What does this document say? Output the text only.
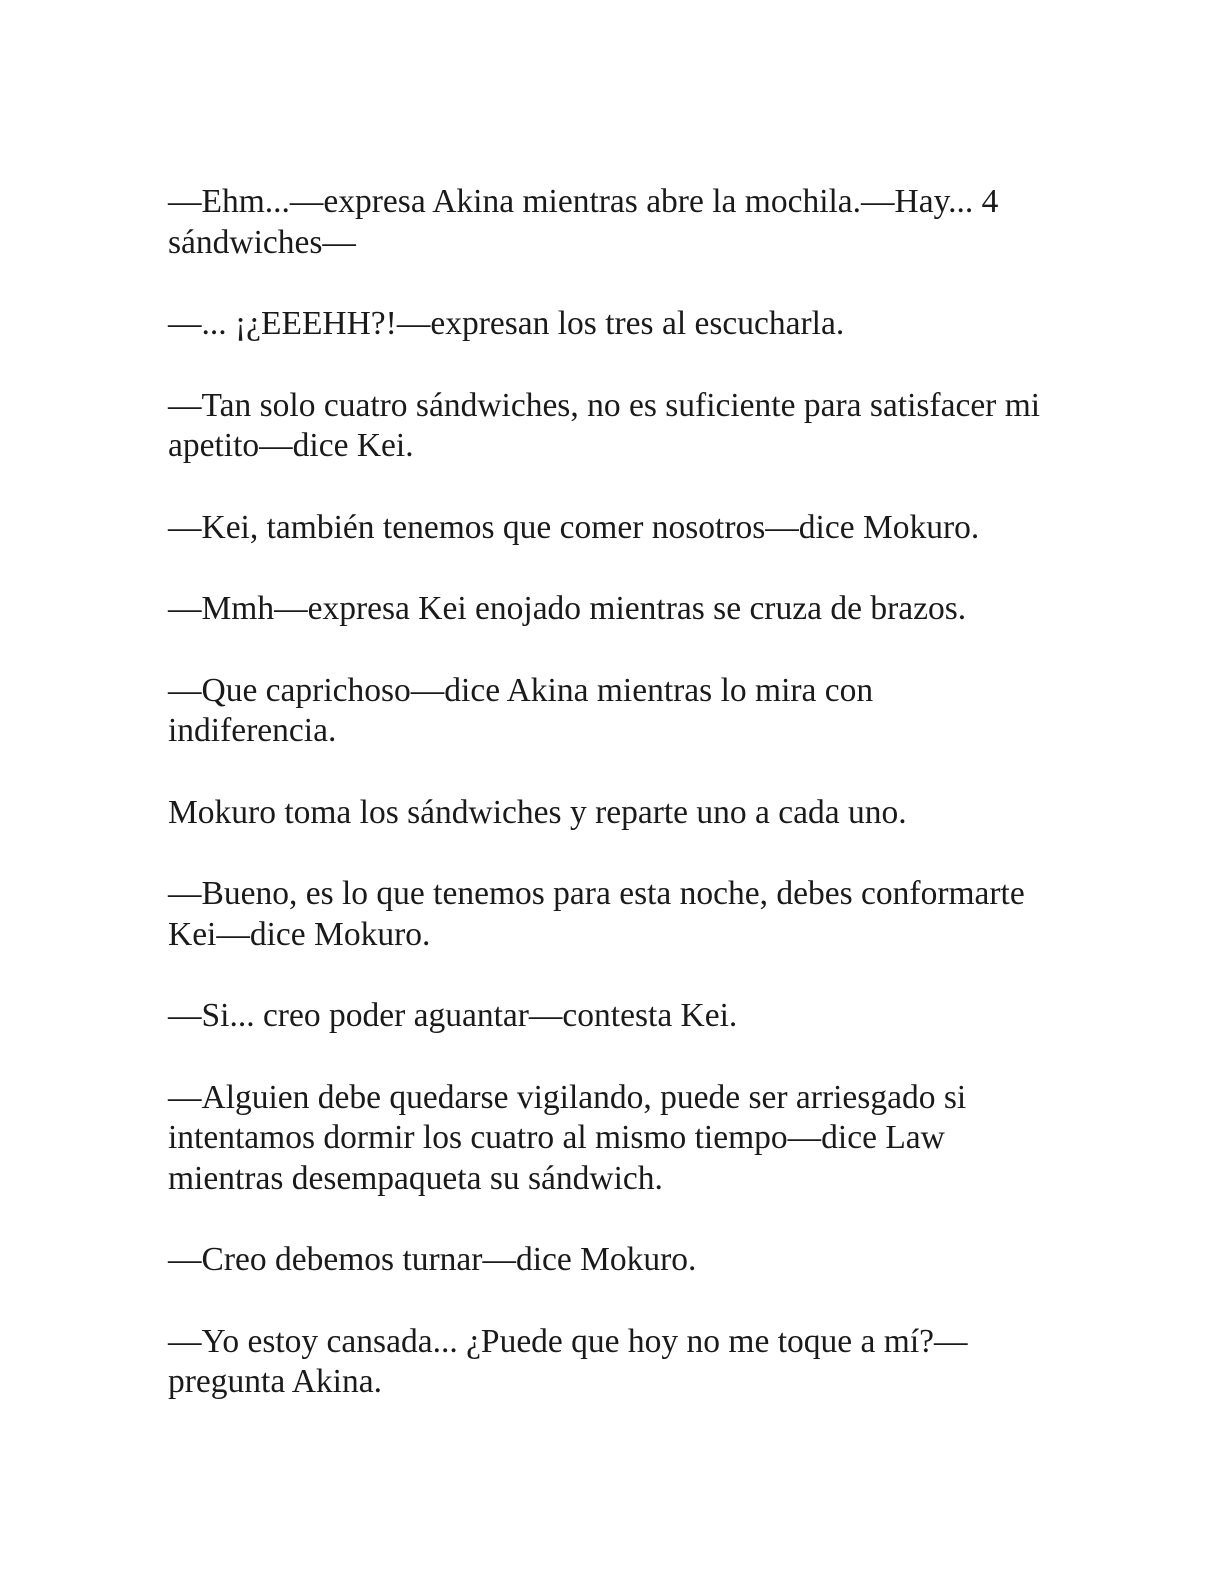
—Ehm...—expresa Akina mientras abre la mochila.—Hay... 4 sándwiches—

—... ¡¿EEEHH?!—expresan los tres al escucharla.

—Tan solo cuatro sándwiches, no es suficiente para satisfacer mi apetito—dice Kei.

—Kei, también tenemos que comer nosotros—dice Mokuro.

—Mmh—expresa Kei enojado mientras se cruza de brazos.

—Que caprichoso—dice Akina mientras lo mira con indiferencia.

Mokuro toma los sándwiches y reparte uno a cada uno.

—Bueno, es lo que tenemos para esta noche, debes conformarte Kei—dice Mokuro.

—Si... creo poder aguantar—contesta Kei.

—Alguien debe quedarse vigilando, puede ser arriesgado si intentamos dormir los cuatro al mismo tiempo—dice Law mientras desempaqueta su sándwich.

—Creo debemos turnar—dice Mokuro.

—Yo estoy cansada... ¿Puede que hoy no me toque a mí?—pregunta Akina.
